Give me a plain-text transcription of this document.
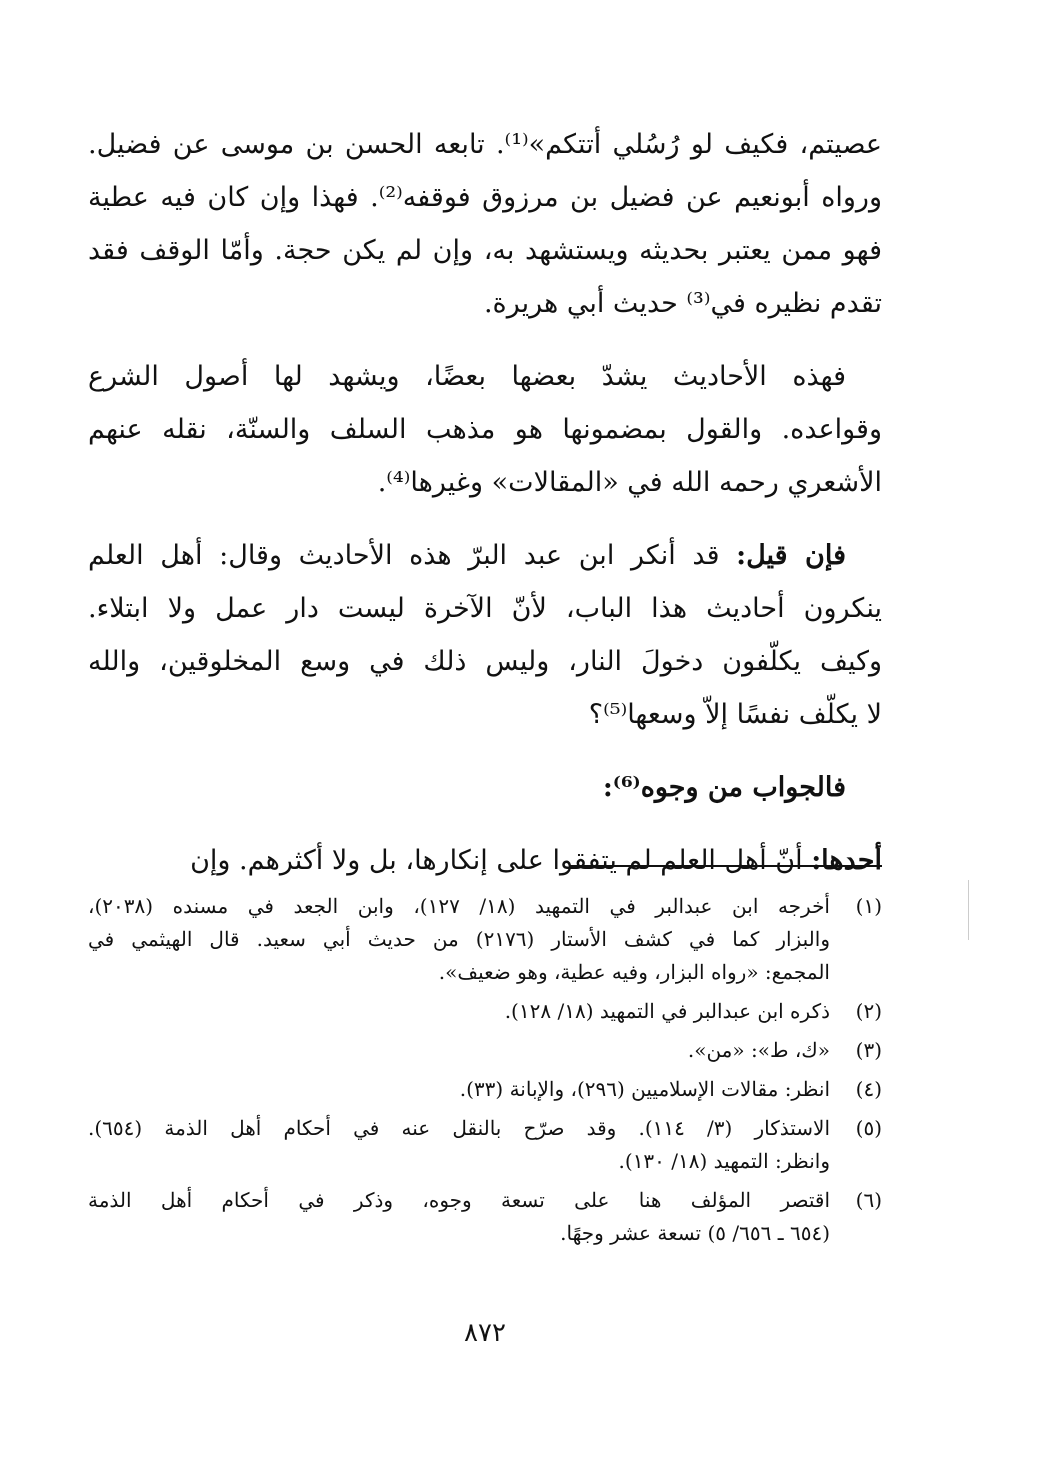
عصيتم، فكيف لو رُسُلي أتتكم»⁽¹⁾. تابعه الحسن بن موسى عن فضيل.
ورواه أبونعيم عن فضيل بن مرزوق فوقفه⁽²⁾. فهذا وإن كان فيه عطية
فهو ممن يعتبر بحديثه ويستشهد به، وإن لم يكن حجة. وأمّا الوقف فقد
تقدم نظيره في⁽³⁾ حديث أبي هريرة.
فهذه الأحاديث يشدّ بعضها بعضًا، ويشهد لها أصول الشرع
وقواعده. والقول بمضمونها هو مذهب السلف والسنّة، نقله عنهم
الأشعري رحمه الله في «المقالات» وغيرها⁽⁴⁾.
فإن قيل: قد أنكر ابن عبد البرّ هذه الأحاديث وقال: أهل العلم
ينكرون أحاديث هذا الباب، لأنّ الآخرة ليست دار عمل ولا ابتلاء.
وكيف يكلّفون دخولَ النار، وليس ذلك في وسع المخلوقين، والله
لا يكلّف نفسًا إلاّ وسعها⁽⁵⁾؟
فالجواب من وجوه⁽⁶⁾:
أحدها: أنّ أهل العلم لم يتفقوا على إنكارها، بل ولا أكثرهم. وإن
(١)
أخرجه ابن عبدالبر في التمهيد (١٨/ ١٢٧)، وابن الجعد في مسنده (٢٠٣٨)،
والبزار كما في كشف الأستار (٢١٧٦) من حديث أبي سعيد. قال الهيثمي في
المجمع: «رواه البزار، وفيه عطية، وهو ضعيف».
(٢)
ذكره ابن عبدالبر في التمهيد (١٨/ ١٢٨).
(٣)
«ك، ط»: «من».
(٤)
انظر: مقالات الإسلاميين (٢٩٦)، والإبانة (٣٣).
(٥)
الاستذكار (٣/ ١١٤). وقد صرّح بالنقل عنه في أحكام أهل الذمة (٦٥٤).
وانظر: التمهيد (١٨/ ١٣٠).
(٦)
اقتصر المؤلف هنا على تسعة وجوه، وذكر في أحكام أهل الذمة
(٦٥٤ ـ ٦٥٦/ ٥) تسعة عشر وجهًا.
٨٧٢
